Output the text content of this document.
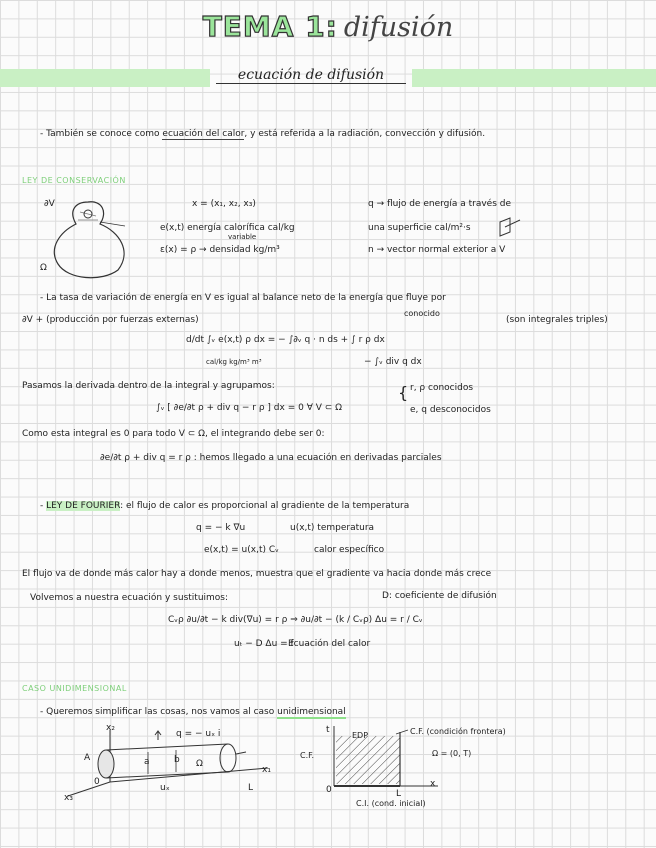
TEMA 1: difusión
ecuación de difusión
- También se conoce como ecuación del calor, y está referida a la radiación, convección y difusión.
LEY DE CONSERVACIÓN
∂V
Ω
x = (x₁, x₂, x₃)
e(x,t) energía calorífica cal/kg
variable
ε(x) = ρ → densidad kg/m³
q → flujo de energía a través de
una superficie cal/m²·s
n → vector normal exterior a V
- La tasa de variación de energía en V es igual al balance neto de la energía que fluye por
∂V + (producción por fuerzas externas)
conocido
(son integrales triples)
d/dt ∫ᵥ e(x,t) ρ dx = − ∫∂ᵥ q · n ds + ∫ r ρ dx
cal/kg kg/m³ m³	− ∫ᵥ div q dx
Pasamos la derivada dentro de la integral y agrupamos:
∫ᵥ [ ∂e/∂t ρ + div q − r ρ ] dx = 0 ∀ V ⊂ Ω
{ r, ρ conocidos
e, q desconocidos
Como esta integral es 0 para todo V ⊂ Ω, el integrando debe ser 0:
∂e/∂t ρ + div q = r ρ : hemos llegado a una ecuación en derivadas parciales
- LEY DE FOURIER: el flujo de calor es proporcional al gradiente de la temperatura
q = − k ∇u	u(x,t) temperatura
e(x,t) = u(x,t) Cᵥ	calor específico
El flujo va de donde más calor hay a donde menos, muestra que el gradiente va hacia donde más crece
Volvemos a nuestra ecuación y sustituimos:	D: coeficiente de difusión
Cᵥρ ∂u/∂t − k div(∇u) = r ρ ⇒ ∂u/∂t − (k / Cᵥρ) Δu = r / Cᵥ
uₜ − D Δu = f
Ecuación del calor
CASO UNIDIMENSIONAL
- Queremos simplificar las cosas, nos vamos al caso unidimensional
q = − uₓ i
x₂
x₁
x₃
A
0
L
uₓ
Ω
a	b
t
x
C.F.
EDP	C.F. (condición frontera)
Ω = (0, T)
0	L
C.I. (cond. inicial)
